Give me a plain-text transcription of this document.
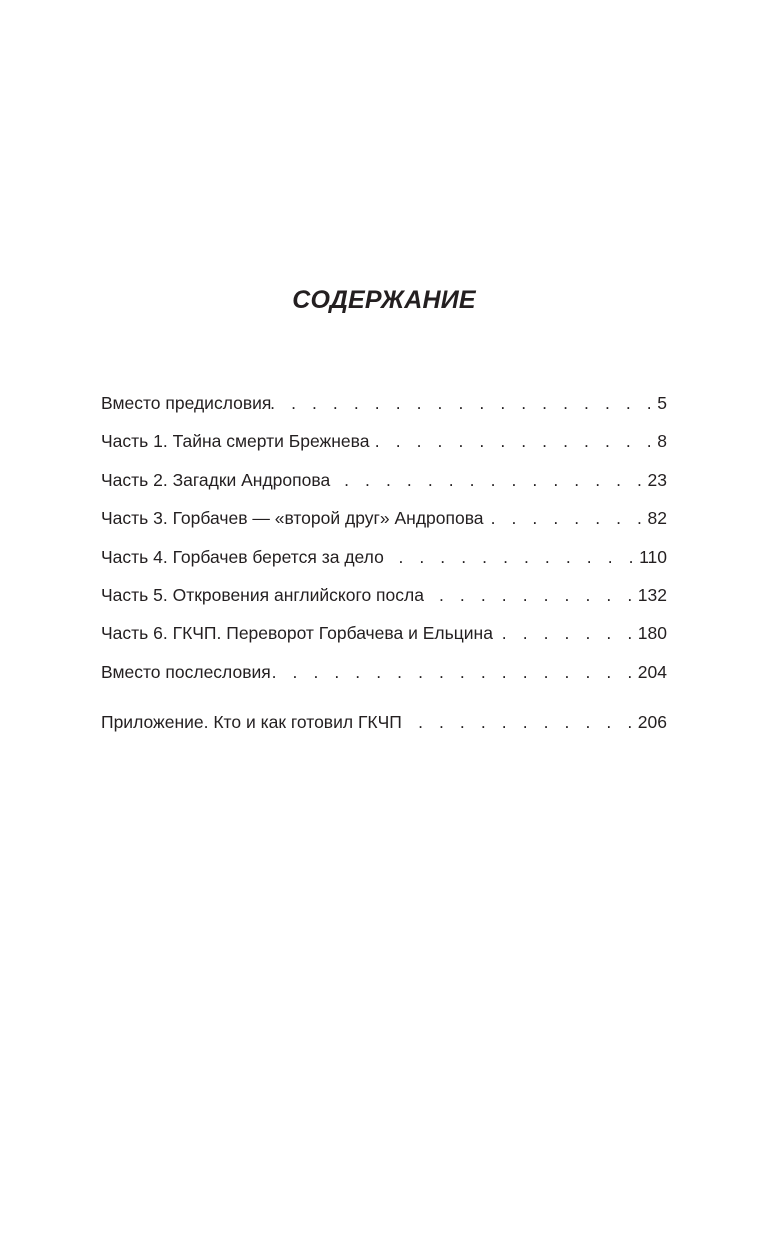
СОДЕРЖАНИЕ
Вместо предисловия . . .	5
Часть 1. Тайна смерти Брежнева . . .	8
Часть 2. Загадки Андропова . . .	23
Часть 3. Горбачев — «второй друг» Андропова . . .	82
Часть 4. Горбачев берется за дело . . .	110
Часть 5. Откровения английского посла . . .	132
Часть 6. ГКЧП. Переворот Горбачева и Ельцина . . .	180
Вместо послесловия . . .	204
Приложение. Кто и как готовил ГКЧП . . .	206
